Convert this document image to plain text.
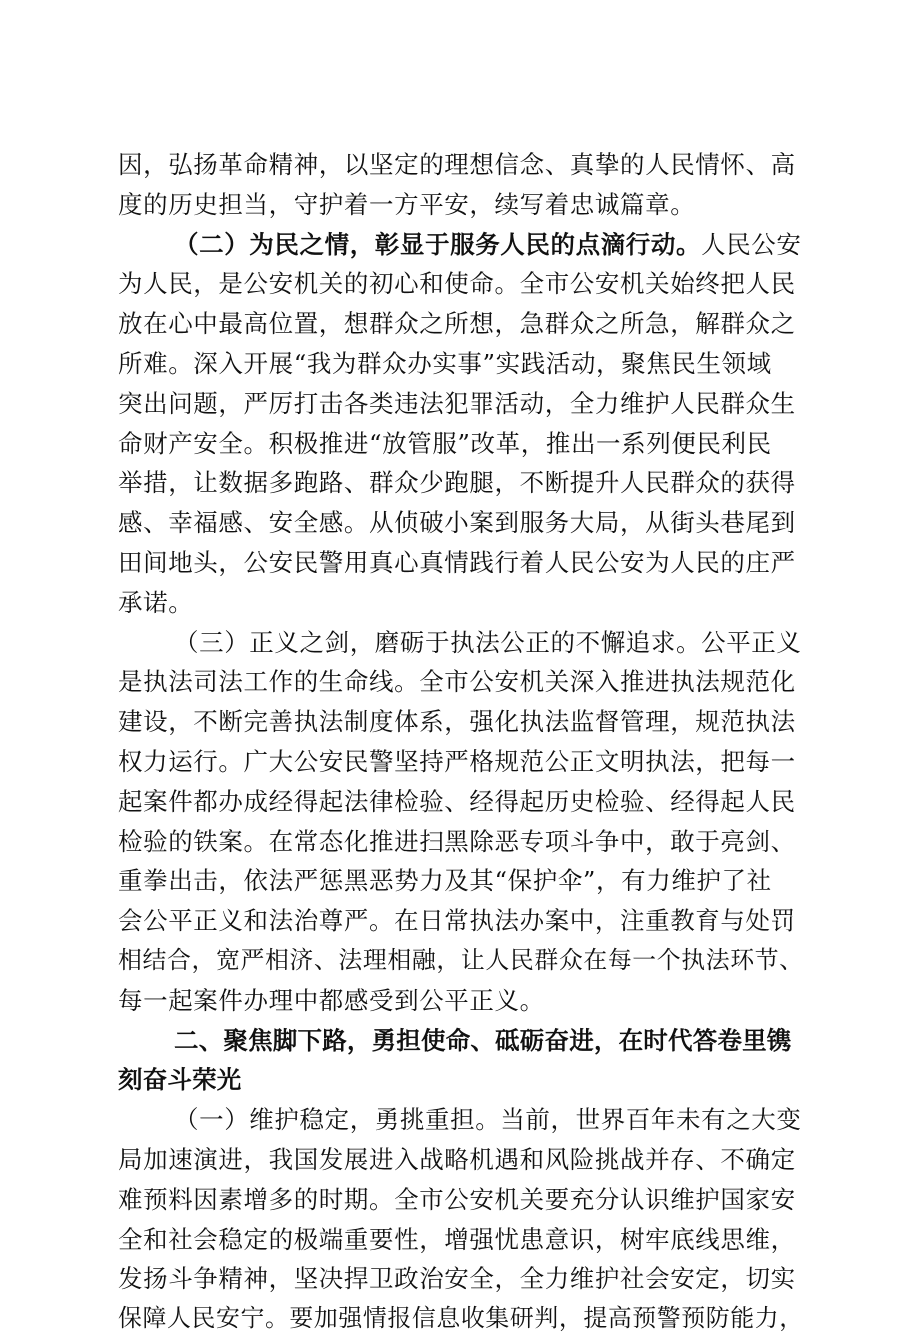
因，弘扬革命精神，以坚定的理想信念、真挚的人民情怀、高
度的历史担当，守护着一方平安，续写着忠诚篇章。
（二）为民之情，彰显于服务人民的点滴行动。人民公安
为人民，是公安机关的初心和使命。全市公安机关始终把人民
放在心中最高位置，想群众之所想，急群众之所急，解群众之
所难。深入开展“我为群众办实事”实践活动，聚焦民生领域
突出问题，严厉打击各类违法犯罪活动，全力维护人民群众生
命财产安全。积极推进“放管服”改革，推出一系列便民利民
举措，让数据多跑路、群众少跑腿，不断提升人民群众的获得
感、幸福感、安全感。从侦破小案到服务大局，从街头巷尾到
田间地头，公安民警用真心真情践行着人民公安为人民的庄严
承诺。
（三）正义之剑，磨砺于执法公正的不懈追求。公平正义
是执法司法工作的生命线。全市公安机关深入推进执法规范化
建设，不断完善执法制度体系，强化执法监督管理，规范执法
权力运行。广大公安民警坚持严格规范公正文明执法，把每一
起案件都办成经得起法律检验、经得起历史检验、经得起人民
检验的铁案。在常态化推进扫黑除恶专项斗争中，敢于亮剑、
重拳出击，依法严惩黑恶势力及其“保护伞”，有力维护了社
会公平正义和法治尊严。在日常执法办案中，注重教育与处罚
相结合，宽严相济、法理相融，让人民群众在每一个执法环节、
每一起案件办理中都感受到公平正义。
二、聚焦脚下路，勇担使命、砥砺奋进，在时代答卷里镌
刻奋斗荣光
（一）维护稳定，勇挑重担。当前，世界百年未有之大变
局加速演进，我国发展进入战略机遇和风险挑战并存、不确定
难预料因素增多的时期。全市公安机关要充分认识维护国家安
全和社会稳定的极端重要性，增强忧患意识，树牢底线思维，
发扬斗争精神，坚决捍卫政治安全，全力维护社会安定，切实
保障人民安宁。要加强情报信息收集研判，提高预警预防能力，
